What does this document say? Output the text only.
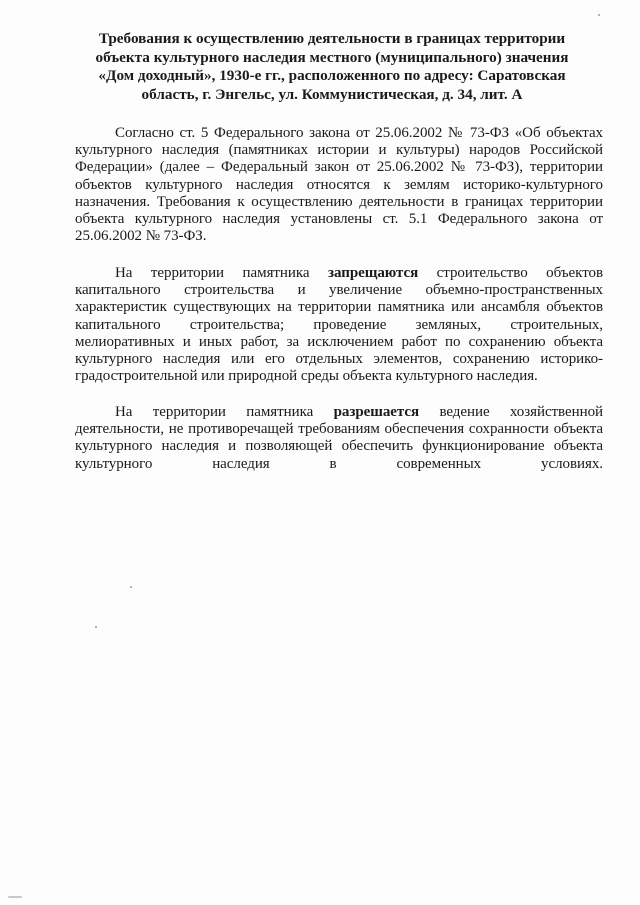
Требования к осуществлению деятельности в границах территории
объекта культурного наследия местного (муниципального) значения
«Дом доходный», 1930-е гг., расположенного по адресу: Саратовская
область, г. Энгельс, ул. Коммунистическая, д. 34, лит. А

Согласно ст. 5 Федерального закона от 25.06.2002 № 73-ФЗ «Об объектах культурного наследия (памятниках истории и культуры) народов Российской Федерации» (далее – Федеральный закон от 25.06.2002 № 73-ФЗ), территории объектов культурного наследия относятся к землям историко-культурного назначения. Требования к осуществлению деятельности в границах территории объекта культурного наследия установлены ст. 5.1 Федерального закона от 25.06.2002 № 73-ФЗ.

На территории памятника запрещаются строительство объектов капитального строительства и увеличение объемно-пространственных характеристик существующих на территории памятника или ансамбля объектов капитального строительства; проведение земляных, строительных, мелиоративных и иных работ, за исключением работ по сохранению объекта культурного наследия или его отдельных элементов, сохранению историко-градостроительной или природной среды объекта культурного наследия.

На территории памятника разрешается ведение хозяйственной деятельности, не противоречащей требованиям обеспечения сохранности объекта культурного наследия и позволяющей обеспечить функционирование объекта культурного наследия в современных условиях.
